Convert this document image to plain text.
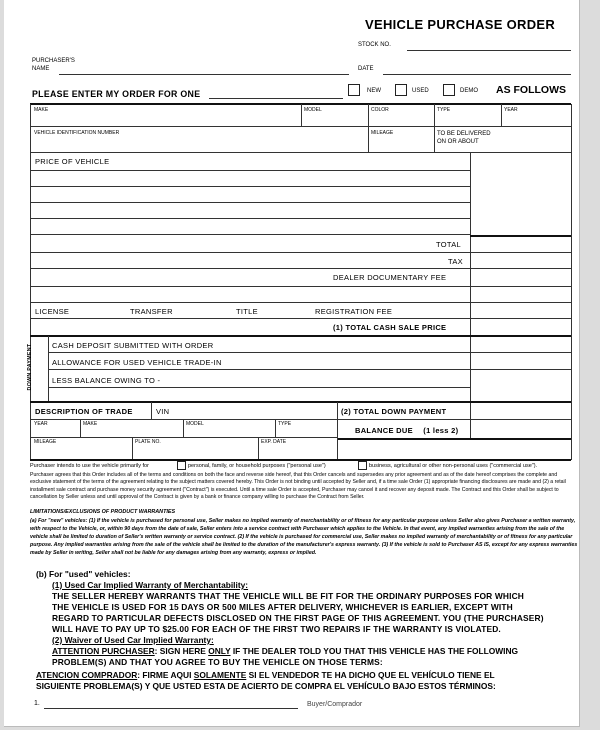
VEHICLE PURCHASE ORDER
STOCK NO.
PURCHASER'S
NAME	DATE
PLEASE ENTER MY ORDER FOR ONE	NEW	USED	DEMO AS FOLLOWS
MAKE	MODEL	COLOR	TYPE	YEAR
VEHICLE IDENTIFICATION NUMBER	MILEAGE	TO BE DELIVERED
ON OR ABOUT
PRICE OF VEHICLE
TOTAL
TAX
DEALER DOCUMENTARY FEE
LICENSE	TRANSFER	TITLE	REGISTRATION FEE
(1) TOTAL CASH SALE PRICE
DOWN PAYMENT	CASH DEPOSIT SUBMITTED WITH ORDER
ALLOWANCE FOR USED VEHICLE TRADE-IN
LESS BALANCE OWING TO -
DESCRIPTION OF TRADE	VIN	(2) TOTAL DOWN PAYMENT
YEAR	MAKE	MODEL	TYPE
BALANCE DUE (1 less 2)
MILEAGE	PLATE NO.	EXP. DATE
Purchaser intends to use the vehicle primarily for	personal, family, or household purposes ("personal use")	business, agricultural or other non-personal uses ("commercial use").
Purchaser agrees that this Order includes all of the terms and conditions on both the face and reverse side hereof, that this Order cancels and supersedes any prior agreement and as of the date hereof comprises the complete and exclusive statement of the terms of the agreement relating to the subject matters covered hereby. This Order is not binding until accepted by Seller and, if a time sale Order (1) appropriate financing disclosures are made and (2) a retail installment sale contract and purchase money security agreement ("Contract") is executed. Until a time sale Order is accepted, Purchaser may cancel it and recover any deposit made. The Contract and this Order shall be subject to cancellation by Seller unless and until approval of the Contract is given by a bank or finance company willing to purchase the Contract from Seller.
LIMITATIONS/EXCLUSIONS OF PRODUCT WARRANTIES
(a) For "new" vehicles: (1) If the vehicle is purchased for personal use, Seller makes no implied warranty of merchantability or of fitness for any particular purpose unless Seller also gives Purchaser a written warranty, with respect to the Vehicle, or, within 90 days from the date of sale, Seller enters into a service contract with Purchaser which applies to the Vehicle. In that event, any implied warranties arising from the sale of the vehicle shall be limited to duration of Seller's written warranty or service contract. (2) If the vehicle is purchased for commercial use, Seller makes no implied warranty of merchantability or of fitness for any particular purpose. Any implied warranties arising from the sale of the vehicle shall be limited to the duration of the manufacturer's express warranty. (3) If the vehicle is sold to Purchaser AS IS, except for any express warranties made by Seller in writing, Seller shall not be liable for any damages arising from any warranty, express or implied.
(b) For "used" vehicles:
(1) Used Car Implied Warranty of Merchantability:
THE SELLER HEREBY WARRANTS THAT THE VEHICLE WILL BE FIT FOR THE ORDINARY PURPOSES FOR WHICH
THE VEHICLE IS USED FOR 15 DAYS OR 500 MILES AFTER DELIVERY, WHICHEVER IS EARLIER, EXCEPT WITH
REGARD TO PARTICULAR DEFECTS DISCLOSED ON THE FIRST PAGE OF THIS AGREEMENT. YOU (THE PURCHASER)
WILL HAVE TO PAY UP TO $25.00 FOR EACH OF THE FIRST TWO REPAIRS IF THE WARRANTY IS VIOLATED.
(2) Waiver of Used Car Implied Warranty:
ATTENTION PURCHASER: SIGN HERE ONLY IF THE DEALER TOLD YOU THAT THIS VEHICLE HAS THE FOLLOWING
PROBLEM(S) AND THAT YOU AGREE TO BUY THE VEHICLE ON THOSE TERMS:
ATENCION COMPRADOR: FIRME AQUI SOLAMENTE SI EL VENDEDOR TE HA DICHO QUE EL VEHÍCULO TIENE EL
SIGUIENTE PROBLEMA(S) Y QUE USTED ESTA DE ACIERTO DE COMPRA EL VEHÍCULO BAJO ESTOS TÉRMINOS:
1.	Buyer/Comprador
